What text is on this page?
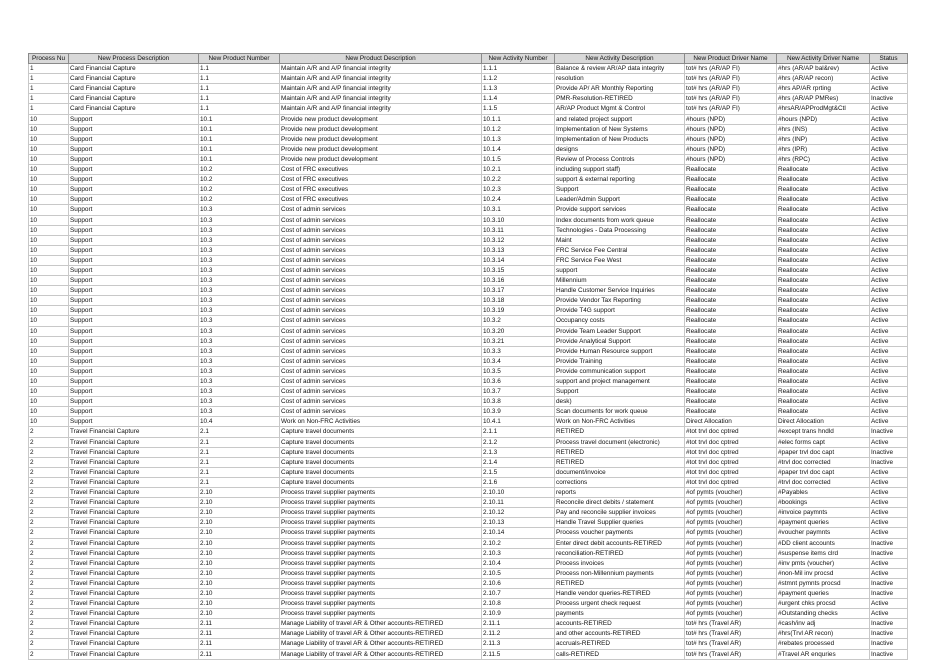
Process Nu	New Process Description	New Product Number	New Product Description	New Activity Number	New Activity Description	New Product Driver Name	New Activity Driver Name	Status
1	Card Financial Capture	1.1	Maintain A/R and A/P financial integrity	1.1.1	Balance & review AR/AP data integrity	tot# hrs (AR/AP FI)	#hrs (AR/AP bal&rev)	Active
1	Card Financial Capture	1.1	Maintain A/R and A/P financial integrity	1.1.2	resolution	tot# hrs (AR/AP FI)	#hrs (AR/AP recon)	Active
1	Card Financial Capture	1.1	Maintain A/R and A/P financial integrity	1.1.3	Provide AP/ AR Monthly Reporting	tot# hrs (AR/AP FI)	#hrs AP/AR rprting	Active
1	Card Financial Capture	1.1	Maintain A/R and A/P financial integrity	1.1.4	PMR-Resolution-RETIRED	tot# hrs (AR/AP FI)	#hrs (AR/AP PMRes)	Inactive
1	Card Financial Capture	1.1	Maintain A/R and A/P financial integrity	1.1.5	AR/AP Product Mgmt & Control	tot# hrs (AR/AP FI)	#hrsAR/APProdMgt&Ctl	Active
10	Support	10.1	Provide new product development	10.1.1	and related project support	#hours (NPD)	#hours (NPD)	Active
10	Support	10.1	Provide new product development	10.1.2	Implementation of New Systems	#hours (NPD)	#hrs (INS)	Active
10	Support	10.1	Provide new product development	10.1.3	Implementation of New Products	#hours (NPD)	#hrs (INP)	Active
10	Support	10.1	Provide new product development	10.1.4	designs	#hours (NPD)	#hrs (IPR)	Active
10	Support	10.1	Provide new product development	10.1.5	Review of Process Controls	#hours (NPD)	#hrs (RPC)	Active
10	Support	10.2	Cost of FRC executives	10.2.1	including support staff)	Reallocate	Reallocate	Active
10	Support	10.2	Cost of FRC executives	10.2.2	support & external reporting	Reallocate	Reallocate	Active
10	Support	10.2	Cost of FRC executives	10.2.3	Support	Reallocate	Reallocate	Active
10	Support	10.2	Cost of FRC executives	10.2.4	Leader/Admin Support	Reallocate	Reallocate	Active
10	Support	10.3	Cost of admin services	10.3.1	Provide support services	Reallocate	Reallocate	Active
10	Support	10.3	Cost of admin services	10.3.10	Index documents from work queue	Reallocate	Reallocate	Active
10	Support	10.3	Cost of admin services	10.3.11	Technologies - Data Processing	Reallocate	Reallocate	Active
10	Support	10.3	Cost of admin services	10.3.12	Maint	Reallocate	Reallocate	Active
10	Support	10.3	Cost of admin services	10.3.13	FRC Service Fee Central	Reallocate	Reallocate	Active
10	Support	10.3	Cost of admin services	10.3.14	FRC Service Fee West	Reallocate	Reallocate	Active
10	Support	10.3	Cost of admin services	10.3.15	support	Reallocate	Reallocate	Active
10	Support	10.3	Cost of admin services	10.3.16	Millennium	Reallocate	Reallocate	Active
10	Support	10.3	Cost of admin services	10.3.17	Handle Customer Service Inquiries	Reallocate	Reallocate	Active
10	Support	10.3	Cost of admin services	10.3.18	Provide Vendor Tax Reporting	Reallocate	Reallocate	Active
10	Support	10.3	Cost of admin services	10.3.19	Provide T4G support	Reallocate	Reallocate	Active
10	Support	10.3	Cost of admin services	10.3.2	Occupancy costs	Reallocate	Reallocate	Active
10	Support	10.3	Cost of admin services	10.3.20	Provide Team Leader Support	Reallocate	Reallocate	Active
10	Support	10.3	Cost of admin services	10.3.21	Provide Analytical Support	Reallocate	Reallocate	Active
10	Support	10.3	Cost of admin services	10.3.3	Provide Human Resource support	Reallocate	Reallocate	Active
10	Support	10.3	Cost of admin services	10.3.4	Provide Training	Reallocate	Reallocate	Active
10	Support	10.3	Cost of admin services	10.3.5	Provide communication support	Reallocate	Reallocate	Active
10	Support	10.3	Cost of admin services	10.3.6	support and project management	Reallocate	Reallocate	Active
10	Support	10.3	Cost of admin services	10.3.7	Support	Reallocate	Reallocate	Active
10	Support	10.3	Cost of admin services	10.3.8	desk)	Reallocate	Reallocate	Active
10	Support	10.3	Cost of admin services	10.3.9	Scan documents for work queue	Reallocate	Reallocate	Active
10	Support	10.4	Work on Non-FRC Activities	10.4.1	Work on Non-FRC Activities	Direct Allocation	Direct Allocation	Active
2	Travel Financial Capture	2.1	Capture travel documents	2.1.1	RETIRED	#tot trvl doc cptred	#except trans hndld	Inactive
2	Travel Financial Capture	2.1	Capture travel documents	2.1.2	Process travel document (electronic)	#tot trvl doc cptred	#elec forms capt	Active
2	Travel Financial Capture	2.1	Capture travel documents	2.1.3	RETIRED	#tot trvl doc cptred	#paper trvl doc capt	Inactive
2	Travel Financial Capture	2.1	Capture travel documents	2.1.4	RETIRED	#tot trvl doc cptred	#trvl doc corrected	Inactive
2	Travel Financial Capture	2.1	Capture travel documents	2.1.5	document/invoice	#tot trvl doc cptred	#paper trvl doc capt	Active
2	Travel Financial Capture	2.1	Capture travel documents	2.1.6	corrections	#tot trvl doc cptred	#trvl doc corrected	Active
2	Travel Financial Capture	2.10	Process travel supplier payments	2.10.10	reports	#of pymts (voucher)	#Payables	Active
2	Travel Financial Capture	2.10	Process travel supplier payments	2.10.11	Reconcile direct debits / statement	#of pymts (voucher)	#bookings	Active
2	Travel Financial Capture	2.10	Process travel supplier payments	2.10.12	Pay and reconcile supplier invoices	#of pymts (voucher)	#invoice paymnts	Active
2	Travel Financial Capture	2.10	Process travel supplier payments	2.10.13	Handle Travel Supplier queries	#of pymts (voucher)	#payment queries	Active
2	Travel Financial Capture	2.10	Process travel supplier payments	2.10.14	Process voucher payments	#of pymts (voucher)	#voucher paymnts	Active
2	Travel Financial Capture	2.10	Process travel supplier payments	2.10.2	Enter direct debit accounts-RETIRED	#of pymts (voucher)	#DD client accounts	Inactive
2	Travel Financial Capture	2.10	Process travel supplier payments	2.10.3	reconciliation-RETIRED	#of pymts (voucher)	#suspense items clrd	Inactive
2	Travel Financial Capture	2.10	Process travel supplier payments	2.10.4	Process invoices	#of pymts (voucher)	#inv pmts (voucher)	Active
2	Travel Financial Capture	2.10	Process travel supplier payments	2.10.5	Process non-Millennium payments	#of pymts (voucher)	#non-Mil inv procsd	Active
2	Travel Financial Capture	2.10	Process travel supplier payments	2.10.6	RETIRED	#of pymts (voucher)	#stmnt pymnts procsd	Inactive
2	Travel Financial Capture	2.10	Process travel supplier payments	2.10.7	Handle vendor queries-RETIRED	#of pymts (voucher)	#payment queries	Inactive
2	Travel Financial Capture	2.10	Process travel supplier payments	2.10.8	Process urgent check request	#of pymts (voucher)	#urgent chks procsd	Active
2	Travel Financial Capture	2.10	Process travel supplier payments	2.10.9	payments	#of pymts (voucher)	#Outstanding checks	Active
2	Travel Financial Capture	2.11	Manage Liability of travel AR & Other accounts-RETIRED	2.11.1	accounts-RETIRED	tot# hrs (Travel AR)	#cash/inv adj	Inactive
2	Travel Financial Capture	2.11	Manage Liability of travel AR & Other accounts-RETIRED	2.11.2	and other accounts-RETIRED	tot# hrs (Travel AR)	#hrs(Trvl AR recon)	Inactive
2	Travel Financial Capture	2.11	Manage Liability of travel AR & Other accounts-RETIRED	2.11.3	accruals-RETIRED	tot# hrs (Travel AR)	#rebates processed	Inactive
2	Travel Financial Capture	2.11	Manage Liability of travel AR & Other accounts-RETIRED	2.11.5	calls-RETIRED	tot# hrs (Travel AR)	#Travel AR enquries	Inactive
